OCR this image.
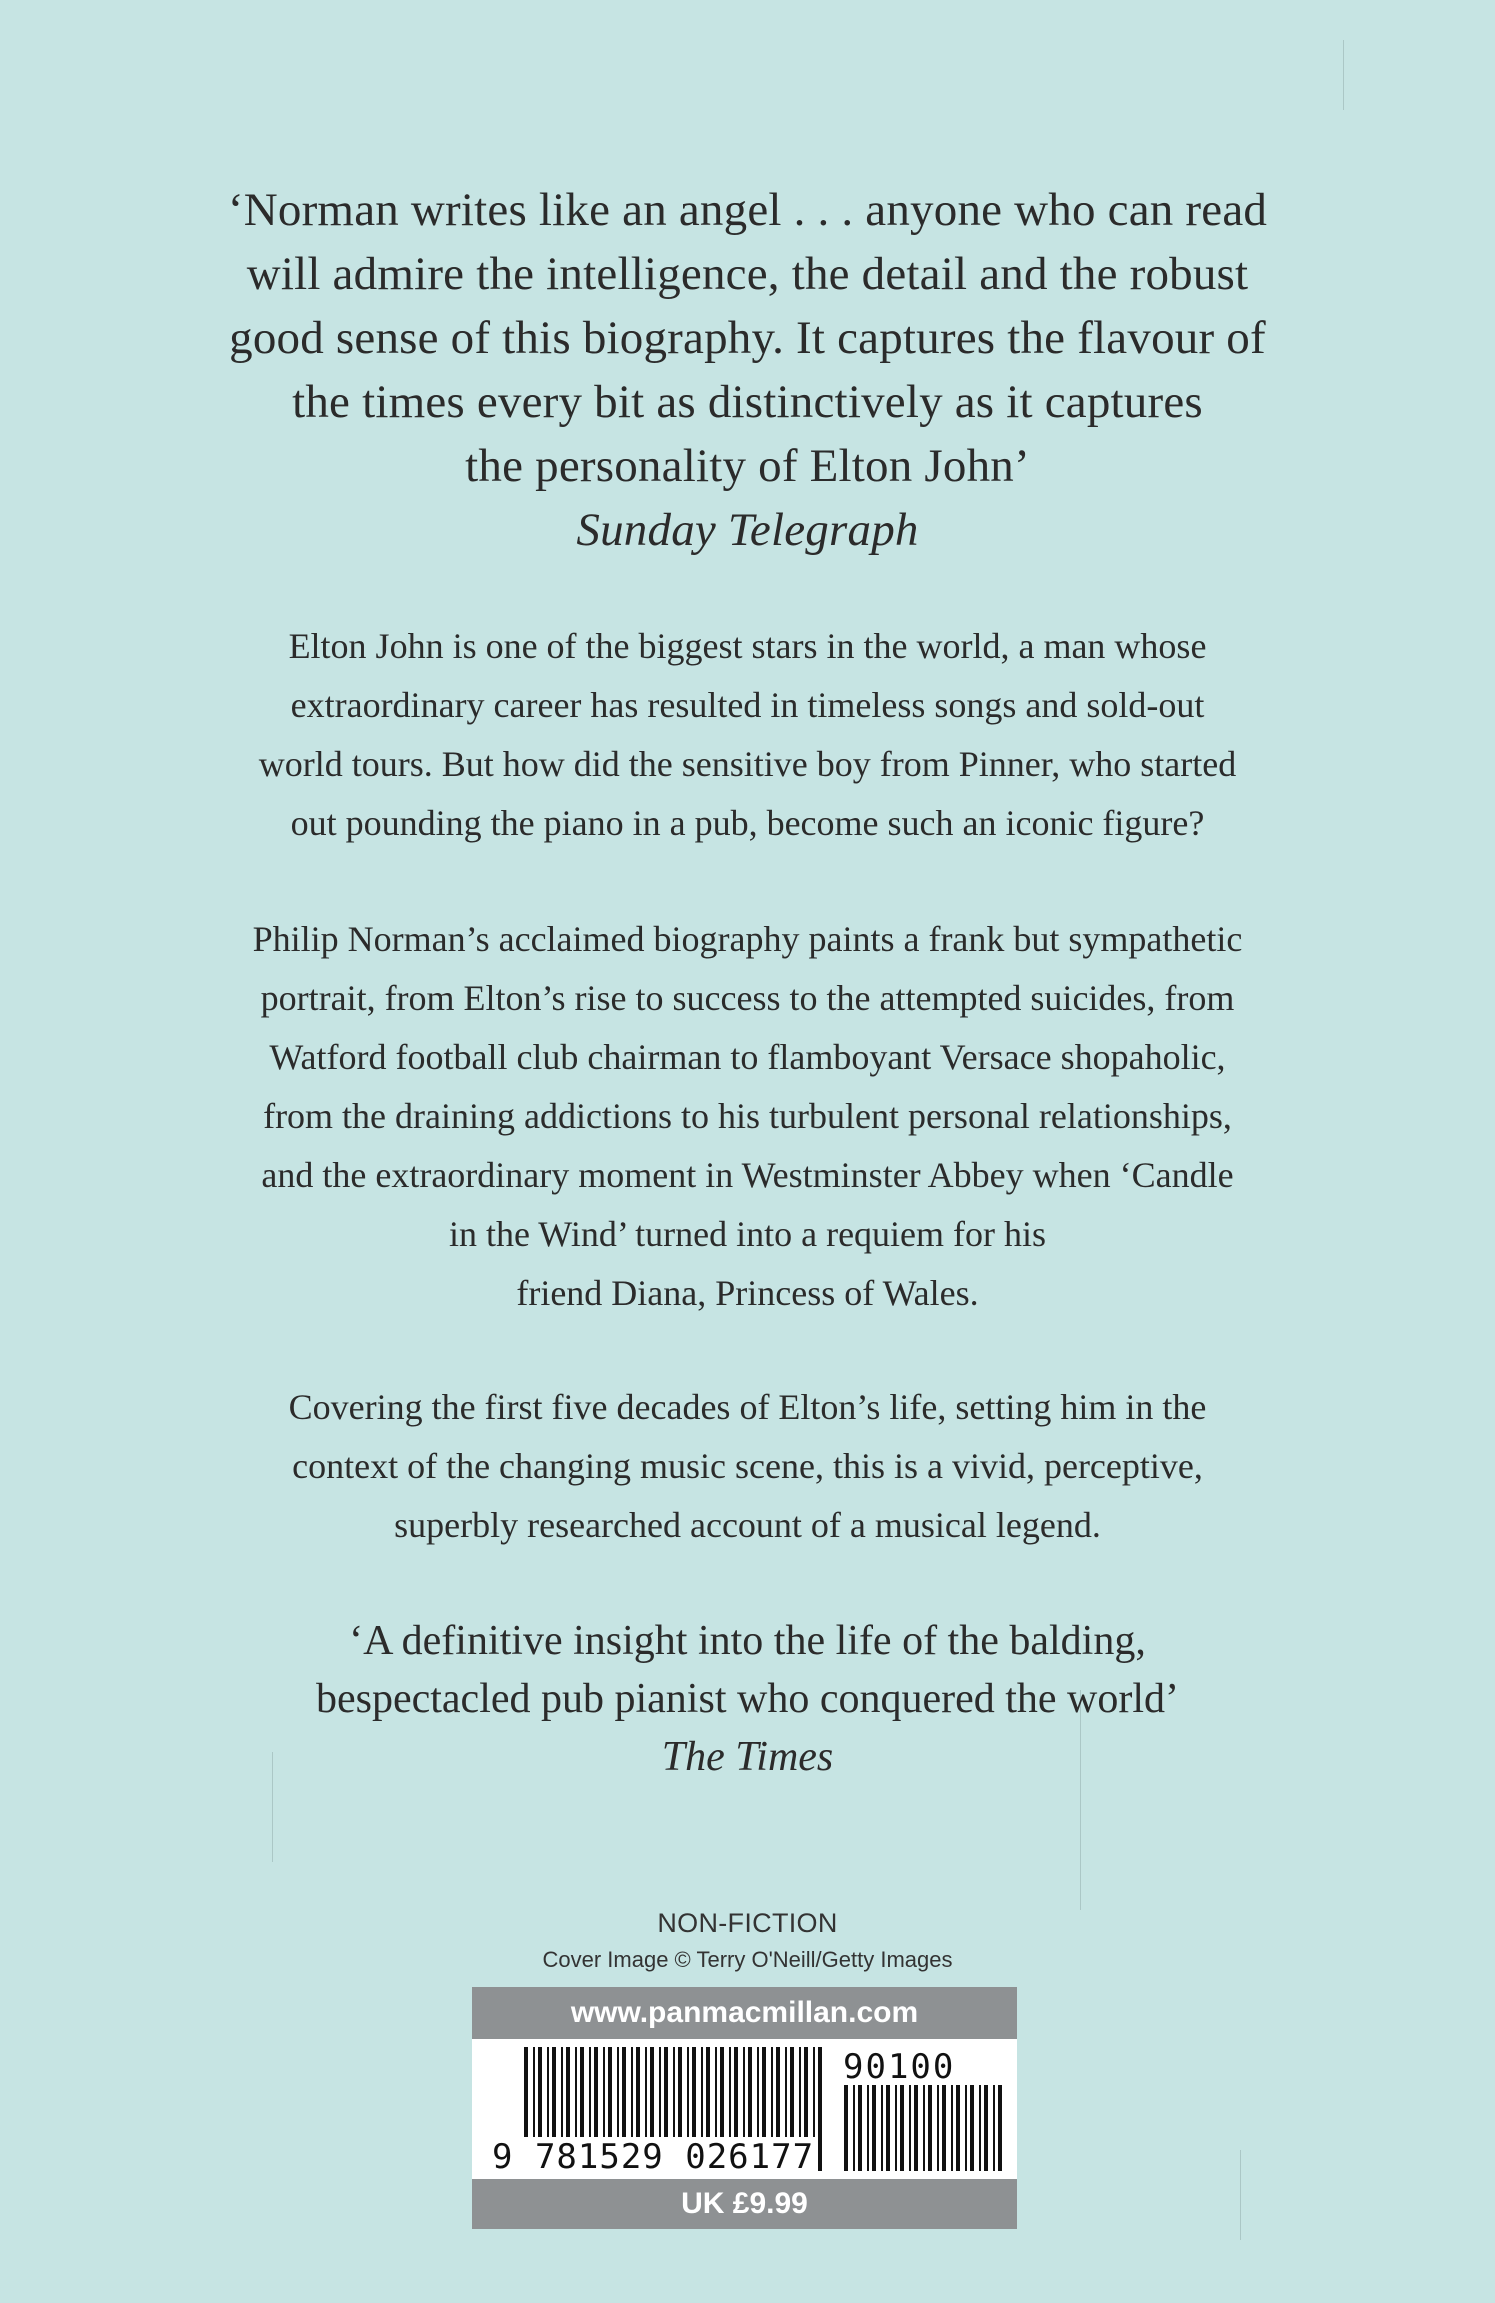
‘Norman writes like an angel . . . anyone who can read
will admire the intelligence, the detail and the robust
good sense of this biography. It captures the flavour of
the times every bit as distinctively as it captures
the personality of Elton John’
Sunday Telegraph
Elton John is one of the biggest stars in the world, a man whose
extraordinary career has resulted in timeless songs and sold-out
world tours. But how did the sensitive boy from Pinner, who started
out pounding the piano in a pub, become such an iconic figure?
Philip Norman’s acclaimed biography paints a frank but sympathetic
portrait, from Elton’s rise to success to the attempted suicides, from
Watford football club chairman to flamboyant Versace shopaholic,
from the draining addictions to his turbulent personal relationships,
and the extraordinary moment in Westminster Abbey when ‘Candle
in the Wind’ turned into a requiem for his
friend Diana, Princess of Wales.
Covering the first five decades of Elton’s life, setting him in the
context of the changing music scene, this is a vivid, perceptive,
superbly researched account of a musical legend.
‘A definitive insight into the life of the balding,
bespectacled pub pianist who conquered the world’
The Times
NON-FICTION
Cover Image © Terry O'Neill/Getty Images
www.panmacmillan.com
90100
9 781529 026177
UK £9.99
